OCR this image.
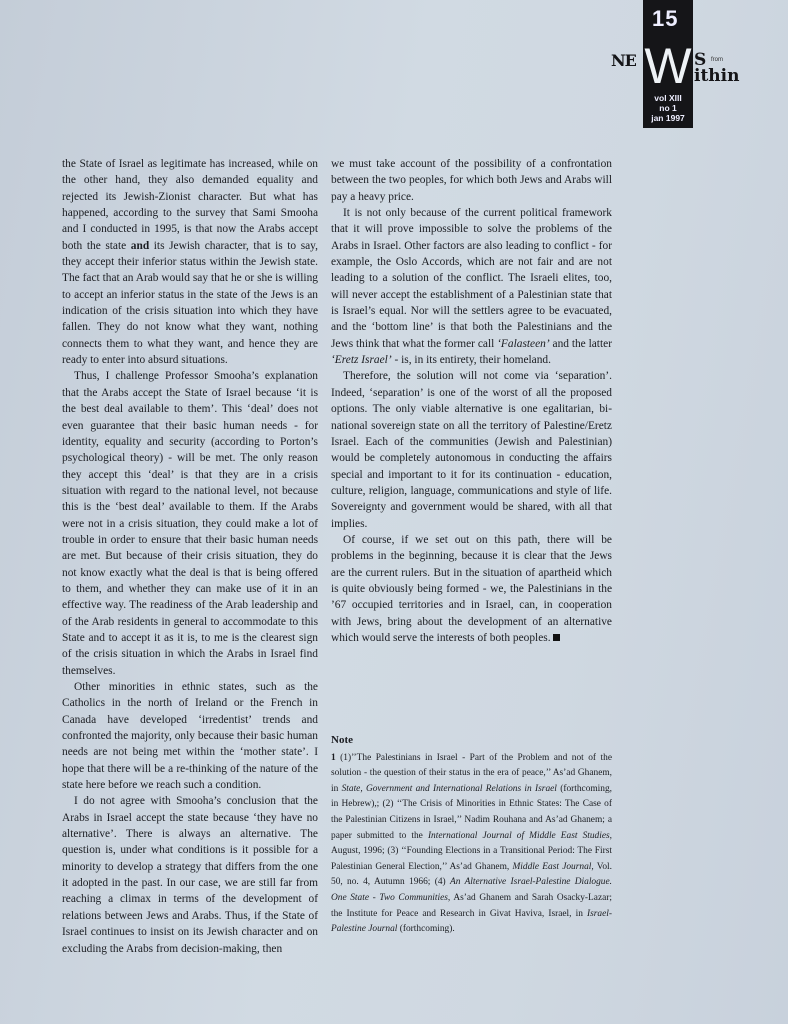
15
NE W S from
ithin
vol XIII
no 1
jan 1997

the State of Israel as legitimate has increased, while on the other hand, they also demanded equality and rejected its Jewish-Zionist character. But what has happened, according to the survey that Sami Smooha and I conducted in 1995, is that now the Arabs accept both the state and its Jewish character, that is to say, they accept their inferior status within the Jewish state. The fact that an Arab would say that he or she is willing to accept an inferior status in the state of the Jews is an indication of the crisis situation into which they have fallen. They do not know what they want, nothing connects them to what they want, and hence they are ready to enter into absurd situations.

Thus, I challenge Professor Smooha’s explanation that the Arabs accept the State of Israel because ‘it is the best deal available to them’. This ‘deal’ does not even guarantee that their basic human needs - for identity, equality and security (according to Porton’s psychological theory) - will be met. The only reason they accept this ‘deal’ is that they are in a crisis situation with regard to the national level, not because this is the ‘best deal’ available to them. If the Arabs were not in a crisis situation, they could make a lot of trouble in order to ensure that their basic human needs are met. But because of their crisis situation, they do not know exactly what the deal is that is being offered to them, and whether they can make use of it in an effective way. The readiness of the Arab leadership and of the Arab residents in general to accommodate to this State and to accept it as it is, to me is the clearest sign of the crisis situation in which the Arabs in Israel find themselves.

Other minorities in ethnic states, such as the Catholics in the north of Ireland or the French in Canada have developed ‘irredentist’ trends and confronted the majority, only because their basic human needs are not being met within the ‘mother state’. I hope that there will be a re-thinking of the nature of the state here before we reach such a condition.

I do not agree with Smooha’s conclusion that the Arabs in Israel accept the state because ‘they have no alternative’. There is always an alternative. The question is, under what conditions is it possible for a minority to develop a strategy that differs from the one it adopted in the past. In our case, we are still far from reaching a climax in terms of the development of relations between Jews and Arabs. Thus, if the State of Israel continues to insist on its Jewish character and on excluding the Arabs from decision-making, then

we must take account of the possibility of a confrontation between the two peoples, for which both Jews and Arabs will pay a heavy price.

It is not only because of the current political framework that it will prove impossible to solve the problems of the Arabs in Israel. Other factors are also leading to conflict - for example, the Oslo Accords, which are not fair and are not leading to a solution of the conflict. The Israeli elites, too, will never accept the establishment of a Palestinian state that is Israel’s equal. Nor will the settlers agree to be evacuated, and the ‘bottom line’ is that both the Palestinians and the Jews think that what the former call ‘Falasteen’ and the latter ‘Eretz Israel’ - is, in its entirety, their homeland.

Therefore, the solution will not come via ‘separation’. Indeed, ‘separation’ is one of the worst of all the proposed options. The only viable alternative is one egalitarian, bi-national sovereign state on all the territory of Palestine/Eretz Israel. Each of the communities (Jewish and Palestinian) would be completely autonomous in conducting the affairs special and important to it for its continuation - education, culture, religion, language, communications and style of life. Sovereignty and government would be shared, with all that implies.

Of course, if we set out on this path, there will be problems in the beginning, because it is clear that the Jews are the current rulers. But in the situation of apartheid which is quite obviously being formed - we, the Palestinians in the ’67 occupied territories and in Israel, can, in cooperation with Jews, bring about the development of an alternative which would serve the interests of both peoples.

Note
1 (1)’’The Palestinians in Israel - Part of the Problem and not of the solution - the question of their status in the era of peace,’’ As’ad Ghanem, in State, Government and International Relations in Israel (forthcoming, in Hebrew),; (2) ‘‘The Crisis of Minorities in Ethnic States: The Case of the Palestinian Citizens in Israel,’’ Nadim Rouhana and As’ad Ghanem; a paper submitted to the International Journal of Middle East Studies, August, 1996; (3) ‘‘Founding Elections in a Transitional Period: The First Palestinian General Election,’’ As’ad Ghanem, Middle East Journal, Vol. 50, no. 4, Autumn 1966; (4) An Alternative Israel-Palestine Dialogue. One State - Two Communities, As’ad Ghanem and Sarah Osacky-Lazar; the Institute for Peace and Research in Givat Haviva, Israel, in Israel-Palestine Journal (forthcoming).
